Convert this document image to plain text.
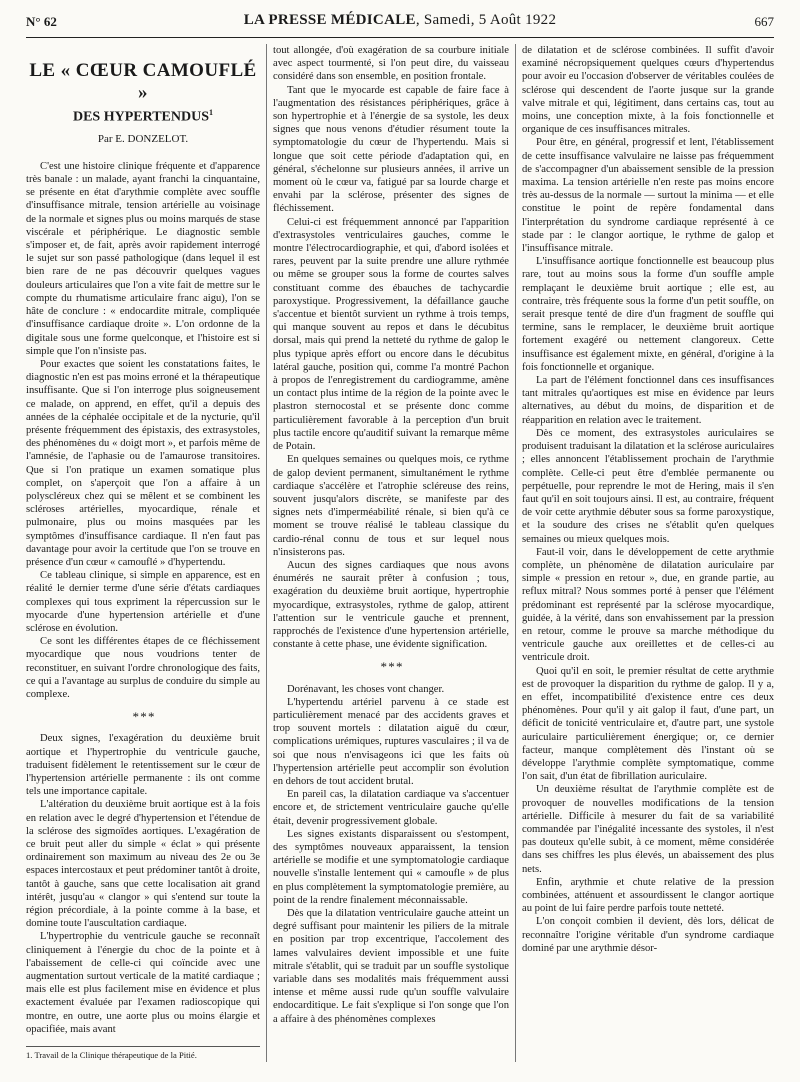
N° 62	LA PRESSE MÉDICALE, Samedi, 5 Août 1922	667
LE « CŒUR CAMOUFLÉ »
DES HYPERTENDUS$^1$
Par E. DONZELOT.

C'est une histoire clinique fréquente et d'apparence très banale : un malade, ayant franchi la cinquantaine, se présente en état d'arythmie complète avec souffle d'insuffisance mitrale, tension artérielle au voisinage de la normale et signes plus ou moins marqués de stase viscérale et périphérique. Le diagnostic semble s'imposer et, de fait, après avoir rapidement interrogé le sujet sur son passé pathologique (dans lequel il est bien rare de ne pas découvrir quelques vagues douleurs articulaires que l'on a vite fait de mettre sur le compte du rhumatisme articulaire franc aigu), l'on se hâte de conclure : « endocardite mitrale, compliquée d'insuffisance cardiaque droite ». L'on ordonne de la digitale sous une forme quelconque, et l'histoire est si simple que l'on n'insiste pas.

Pour exactes que soient les constatations faites, le diagnostic n'en est pas moins erroné et la thérapeutique insuffisante. Que si l'on interroge plus soigneusement ce malade, on apprend, en effet, qu'il a depuis des années de la céphalée occipitale et de la nycturie, qu'il présente fréquemment des épistaxis, des extrasystoles, des phénomènes du « doigt mort », et parfois même de l'amnésie, de l'aphasie ou de l'amaurose transitoires. Que si l'on pratique un examen somatique plus complet, on s'aperçoit que l'on a affaire à un polyscléreux chez qui se mêlent et se combinent les scléroses artérielles, myocardique, rénale et pulmonaire, plus ou moins masquées par les symptômes d'insuffisance cardiaque. Il n'en faut pas davantage pour avoir la certitude que l'on se trouve en présence d'un cœur « camouflé » d'hypertendu.

Ce tableau clinique, si simple en apparence, est en réalité le dernier terme d'une série d'états cardiaques complexes qui tous expriment la répercussion sur le myocarde d'une hypertension artérielle et d'une sclérose en évolution.

Ce sont les différentes étapes de ce fléchissement myocardique que nous voudrions tenter de reconstituer, en suivant l'ordre chronologique des faits, ce qui a l'avantage au surplus de conduire du simple au complexe.

* * *

Deux signes, l'exagération du deuxième bruit aortique et l'hypertrophie du ventricule gauche, traduisent fidèlement le retentissement sur le cœur de l'hypertension artérielle permanente : ils ont comme tels une importance capitale.

L'altération du deuxième bruit aortique est à la fois en relation avec le degré d'hypertension et l'étendue de la sclérose des sigmoïdes aortiques. L'exagération de ce bruit peut aller du simple « éclat » qui présente ordinairement son maximum au niveau des 2e ou 3e espaces intercostaux et peut prédominer tantôt à droite, tantôt à gauche, sans que cette localisation ait grand intérêt, jusqu'au « clangor » qui s'entend sur toute la région précordiale, à la pointe comme à la base, et domine toute l'auscultation cardiaque.

L'hypertrophie du ventricule gauche se reconnaît cliniquement à l'énergie du choc de la pointe et à l'abaissement de celle-ci qui coïncide avec une augmentation surtout verticale de la matité cardiaque ; mais elle est plus facilement mise en évidence et plus exactement évaluée par l'examen radioscopique qui montre, en outre, une aorte plus ou moins élargie et opacifiée, mais avant

1. Travail de la Clinique thérapeutique de la Pitié.

tout allongée, d'où exagération de sa courbure initiale avec aspect tourmenté, si l'on peut dire, du vaisseau considéré dans son ensemble, en position frontale.

Tant que le myocarde est capable de faire face à l'augmentation des résistances périphériques, grâce à son hypertrophie et à l'énergie de sa systole, les deux signes que nous venons d'étudier résument toute la symptomatologie du cœur de l'hypertendu. Mais si longue que soit cette période d'adaptation qui, en général, s'échelonne sur plusieurs années, il arrive un moment où le cœur va, fatigué par sa lourde charge et envahi par la sclérose, présenter des signes de fléchissement.

Celui-ci est fréquemment annoncé par l'apparition d'extrasystoles ventriculaires gauches, comme le montre l'électrocardiographie, et qui, d'abord isolées et rares, peuvent par la suite prendre une allure rythmée ou même se grouper sous la forme de courtes salves constituant comme des ébauches de tachycardie paroxystique. Progressivement, la défaillance gauche s'accentue et bientôt survient un rythme à trois temps, qui manque souvent au repos et dans le décubitus dorsal, mais qui prend la netteté du rythme de galop le plus typique après effort ou encore dans le décubitus latéral gauche, position qui, comme l'a montré Pachon à propos de l'enregistrement du cardiogramme, amène un contact plus intime de la région de la pointe avec le plastron sternocostal et se présente donc comme particulièrement favorable à la perception d'un bruit plus tactile encore qu'auditif suivant la remarque même de Potain.

En quelques semaines ou quelques mois, ce rythme de galop devient permanent, simultanément le rythme cardiaque s'accélère et l'atrophie scléreuse des reins, souvent jusqu'alors discrète, se manifeste par des signes nets d'imperméabilité rénale, si bien qu'à ce moment se trouve réalisé le tableau classique du cardio-rénal connu de tous et sur lequel nous n'insisterons pas.

Aucun des signes cardiaques que nous avons énumérés ne saurait prêter à confusion ; tous, exagération du deuxième bruit aortique, hypertrophie myocardique, extrasystoles, rythme de galop, attirent l'attention sur le ventricule gauche et prennent, rapprochés de l'existence d'une hypertension artérielle, constante à cette phase, une évidente signification.

* * *

Dorénavant, les choses vont changer.

L'hypertendu artériel parvenu à ce stade est particulièrement menacé par des accidents graves et trop souvent mortels : dilatation aiguë du cœur, complications urémiques, ruptures vasculaires ; il va de soi que nous n'envisageons ici que les faits où l'hypertension artérielle peut accomplir son évolution en dehors de tout accident brutal.

En pareil cas, la dilatation cardiaque va s'accentuer encore et, de strictement ventriculaire gauche qu'elle était, devenir progressivement globale.

Les signes existants disparaissent ou s'estompent, des symptômes nouveaux apparaissent, la tension artérielle se modifie et une symptomatologie cardiaque nouvelle s'installe lentement qui « camoufle » de plus en plus complètement la symptomatologie première, au point de la rendre finalement méconnaissable.

Dès que la dilatation ventriculaire gauche atteint un degré suffisant pour maintenir les piliers de la mitrale en position par trop excentrique, l'accolement des lames valvulaires devient impossible et une fuite mitrale s'établit, qui se traduit par un souffle systolique variable dans ses modalités mais fréquemment aussi intense et même aussi rude qu'un souffle valvulaire endocarditique. Le fait s'explique si l'on songe que l'on a affaire à des phénomènes complexes

de dilatation et de sclérose combinées. Il suffit d'avoir examiné nécropsiquement quelques cœurs d'hypertendus pour avoir eu l'occasion d'observer de véritables coulées de sclérose qui descendent de l'aorte jusque sur la grande valve mitrale et qui, légitiment, dans certains cas, tout au moins, une conception mixte, à la fois fonctionnelle et organique de ces insuffisances mitrales.

Pour être, en général, progressif et lent, l'établissement de cette insuffisance valvulaire ne laisse pas fréquemment de s'accompagner d'un abaissement sensible de la pression maxima. La tension artérielle n'en reste pas moins encore très au-dessus de la normale — surtout la minima — et elle constitue le point de repère fondamental dans l'interprétation du syndrome cardiaque représenté à ce stade par : le clangor aortique, le rythme de galop et l'insuffisance mitrale.

L'insuffisance aortique fonctionnelle est beaucoup plus rare, tout au moins sous la forme d'un souffle ample remplaçant le deuxième bruit aortique ; elle est, au contraire, très fréquente sous la forme d'un petit souffle, on serait presque tenté de dire d'un fragment de souffle qui termine, sans le remplacer, le deuxième bruit aortique fortement exagéré ou nettement clangoreux. Cette insuffisance est également mixte, en général, d'origine à la fois fonctionnelle et organique.

La part de l'élément fonctionnel dans ces insuffisances tant mitrales qu'aortiques est mise en évidence par leurs alternatives, au début du moins, de disparition et de réapparition en relation avec le traitement.

Dès ce moment, des extrasystoles auriculaires se produisent traduisant la dilatation et la sclérose auriculaires ; elles annoncent l'établissement prochain de l'arythmie complète. Celle-ci peut être d'emblée permanente ou perpétuelle, pour reprendre le mot de Hering, mais il s'en faut qu'il en soit toujours ainsi. Il est, au contraire, fréquent de voir cette arythmie débuter sous sa forme paroxystique, et la soudure des crises ne s'établit qu'en quelques semaines ou mieux quelques mois.

Faut-il voir, dans le développement de cette arythmie complète, un phénomène de dilatation auriculaire par simple « pression en retour », due, en grande partie, au reflux mitral? Nous sommes porté à penser que l'élément prédominant est représenté par la sclérose myocardique, guidée, à la vérité, dans son envahissement par la pression en retour, comme le prouve sa marche méthodique du ventricule gauche aux oreillettes et de celles-ci au ventricule droit.

Quoi qu'il en soit, le premier résultat de cette arythmie est de provoquer la disparition du rythme de galop. Il y a, en effet, incompatibilité d'existence entre ces deux phénomènes. Pour qu'il y ait galop il faut, d'une part, un déficit de tonicité ventriculaire et, d'autre part, une systole auriculaire particulièrement énergique; or, ce dernier facteur, manque complètement dès l'instant où se développe l'arythmie complète symptomatique, comme l'on sait, d'un état de fibrillation auriculaire.

Un deuxième résultat de l'arythmie complète est de provoquer de nouvelles modifications de la tension artérielle. Difficile à mesurer du fait de sa variabilité commandée par l'inégalité incessante des systoles, il n'est pas douteux qu'elle subit, à ce moment, même considérée dans ses chiffres les plus élevés, un abaissement des plus nets.

Enfin, arythmie et chute relative de la pression combinées, atténuent et assourdissent le clangor aortique au point de lui faire perdre parfois toute netteté.

L'on conçoit combien il devient, dès lors, délicat de reconnaître l'origine véritable d'un syndrome cardiaque dominé par une arythmie désor-
